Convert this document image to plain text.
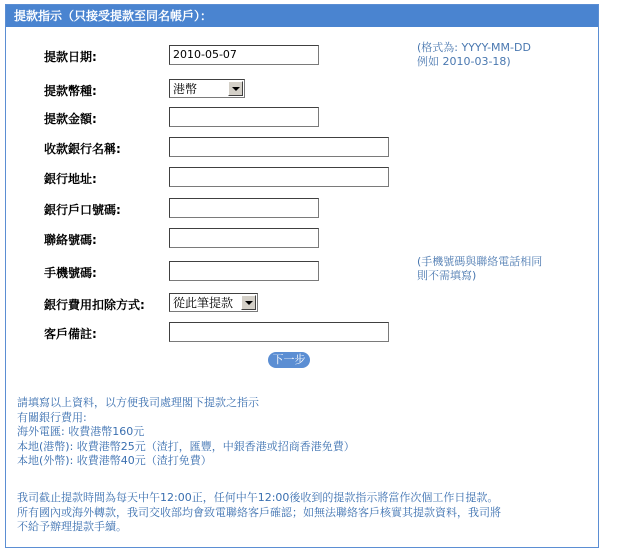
提款指示（只接受提款至同名帳戶）：
提款日期:	2010-05-07
(格式為: YYYY-MM-DD
例如 2010-03-18)
提款幣種:	港幣
提款金額:
收款銀行名稱:
銀行地址:
銀行戶口號碼:
聯絡號碼:
手機號碼:
(手機號碼與聯絡電話相同
則不需填寫)
銀行費用扣除方式: 從此筆提款
客戶備註:
下一步
請填寫以上資料，以方便我司處理閣下提款之指示
有關銀行費用:
海外電匯: 收費港幣160元
本地(港幣): 收費港幣25元（渣打，匯豐，中銀香港或招商香港免費）
本地(外幣): 收費港幣40元（渣打免費）
我司截止提款時間為每天中午12:00正，任何中午12:00後收到的提款指示將當作次個工作日提款。
所有國內或海外轉款，我司交收部均會致電聯絡客戶確認；如無法聯絡客戶核實其提款資料，我司將
不給予辦理提款手續。
